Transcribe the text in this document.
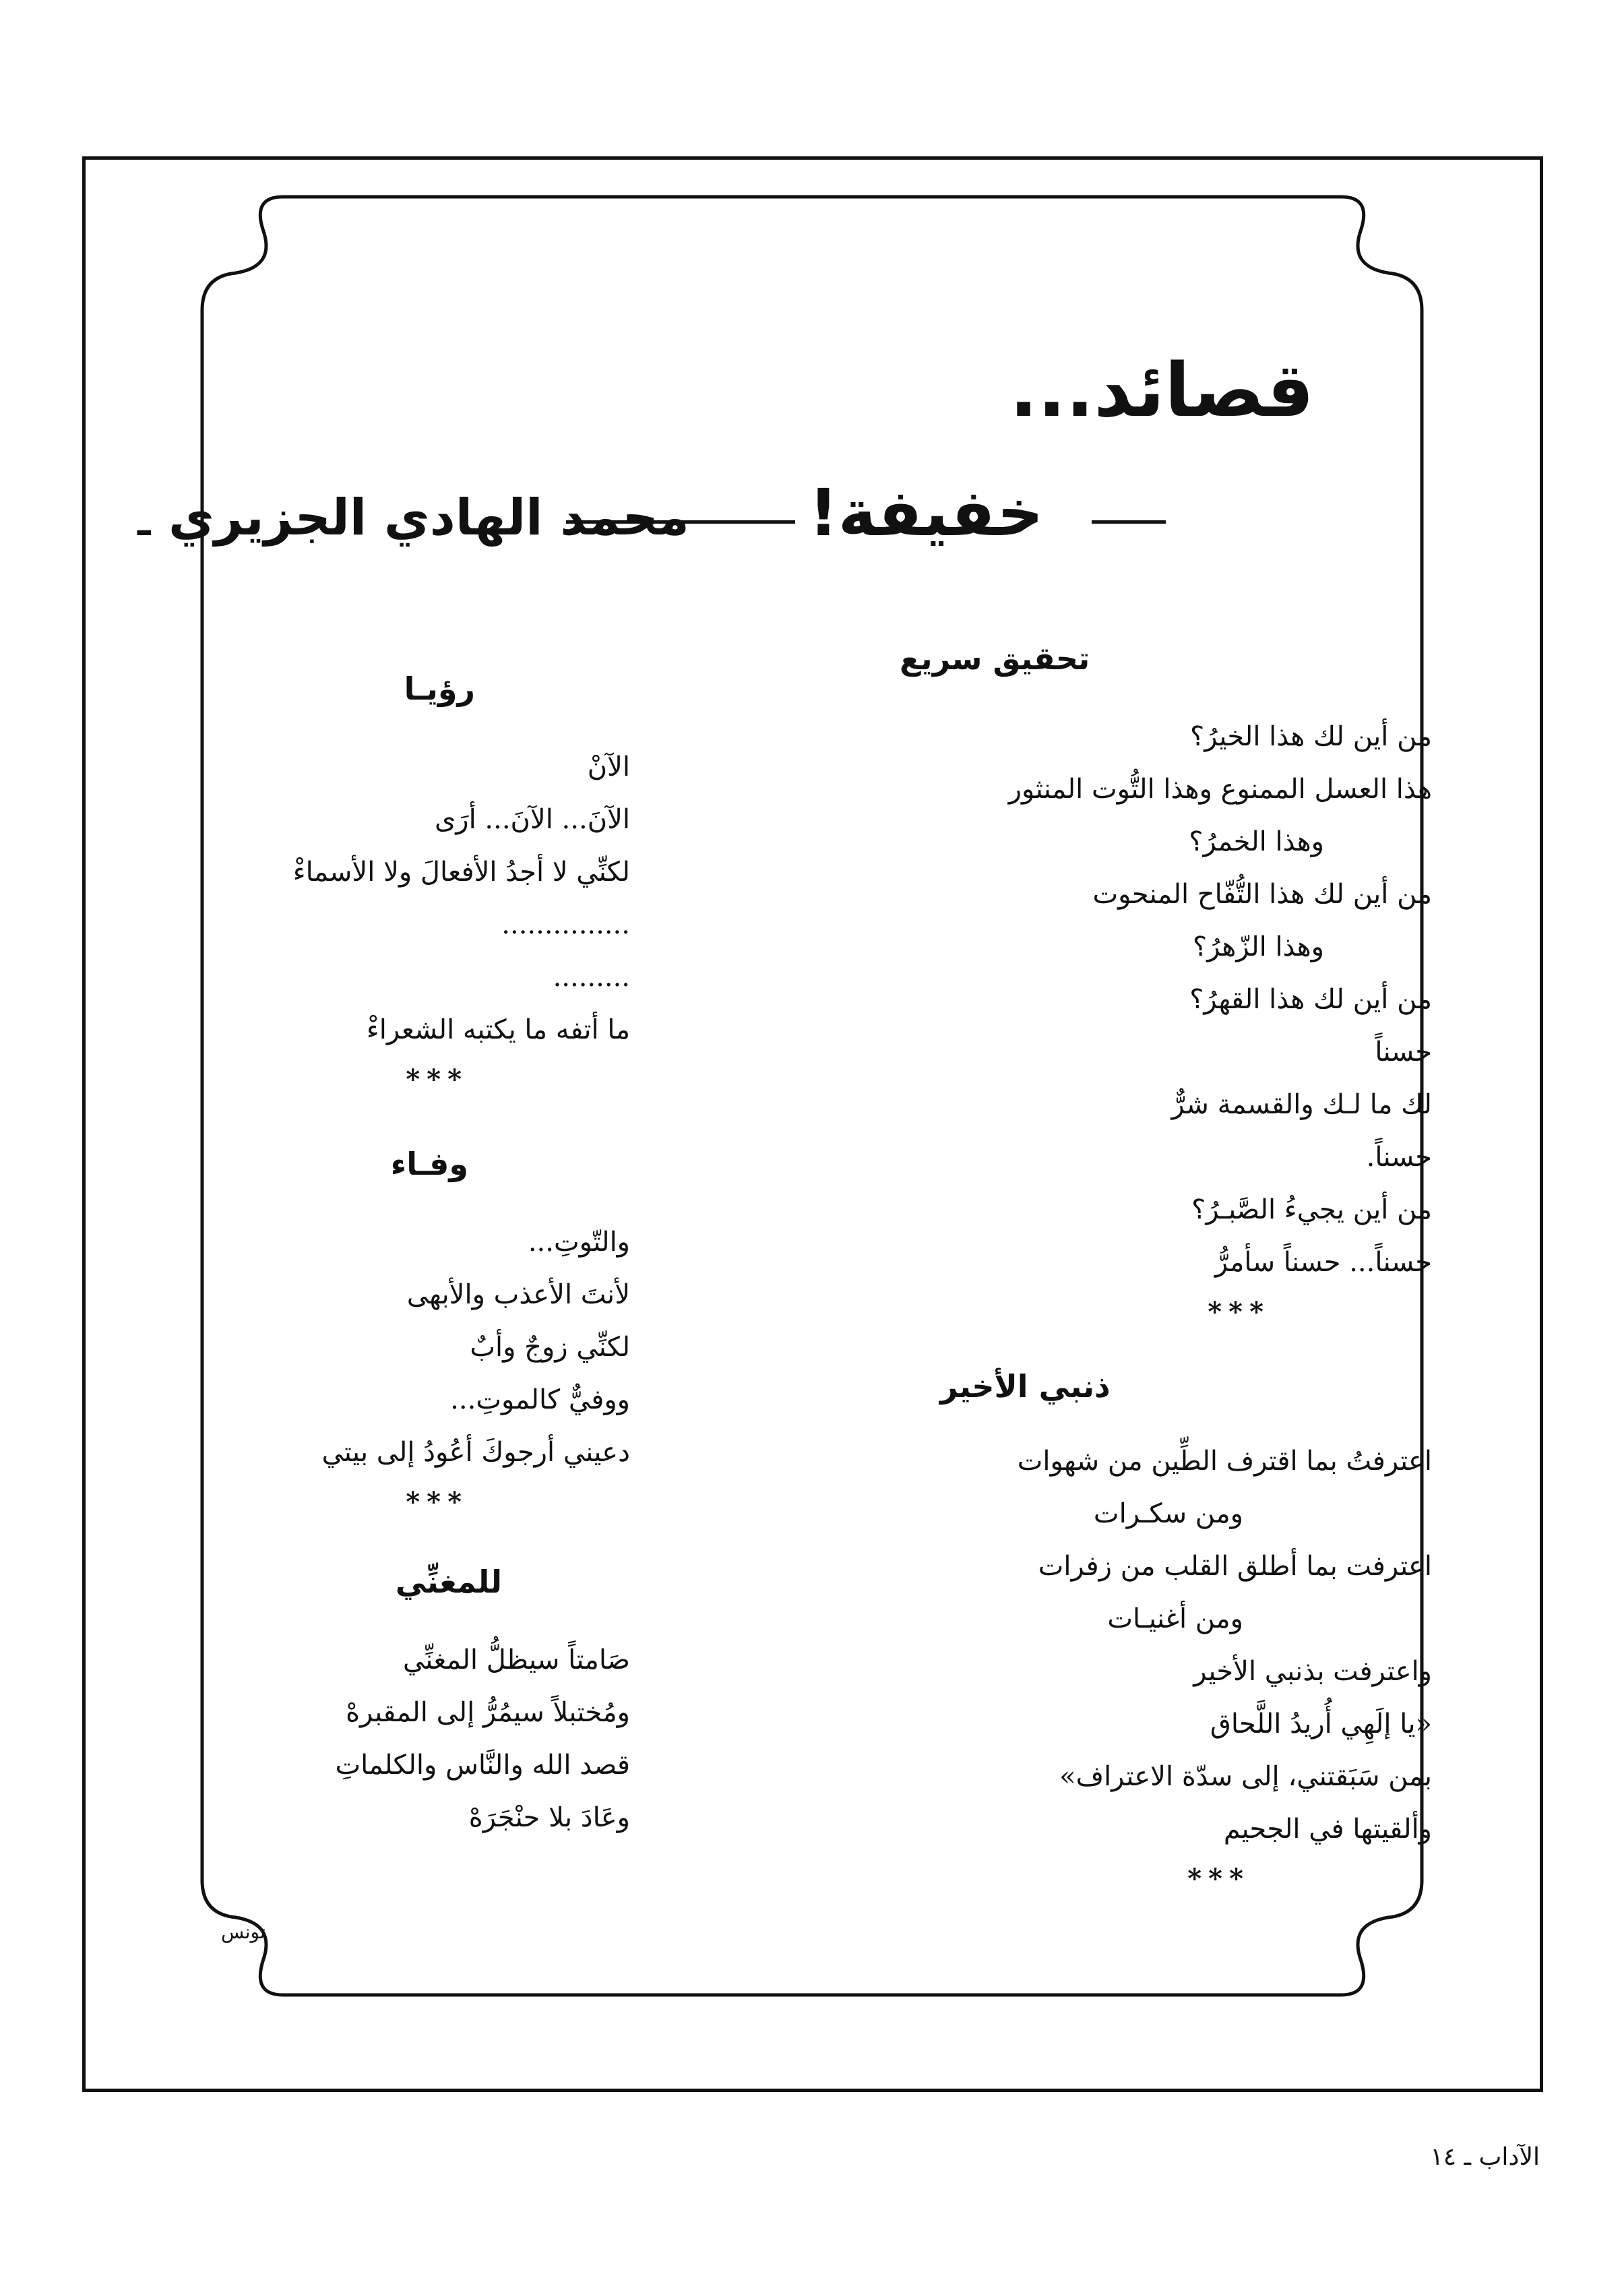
قصائد...
خفيفة!
محمد الهادي الجزيري
ـ
تحقيق سريع
من أين لك هذا الخيرُ؟
هذا العسل الممنوع وهذا التُّوت المنثور
وهذا الخمرُ؟
من أين لك هذا التُّفّاح المنحوت
وهذا الزّهرُ؟
من أين لك هذا القهرُ؟
حسناً
لك ما لـك والقسمة شرٌّ
حسناً.
من أين يجيءُ الصَّبـرُ؟
حسناً... حسناً سأمرُّ
***
ذنبي الأخير
اعترفتُ بما اقترف الطِّين من شهوات
ومن سكـرات
اعترفت بما أطلق القلب من زفرات
ومن أغنيـات
واعترفت بذنبي الأخير
«يا إلَهِي أُريدُ اللَّحاق
بمن سَبَقتني، إلى سدّة الاعتراف»
وألقيتها في الجحيم
***
رؤيـا
الآنْ
الآنَ... الآنَ... أرَى
لكنِّي لا أجدُ الأفعالَ ولا الأسماءْ
...............
.........
ما أتفه ما يكتبه الشعراءْ
***
وفـاء
والتّوتِ...
لأنتَ الأعذب والأبهى
لكنِّي زوجٌ وأبٌ
ووفيٌّ كالموتِ...
دعيني أرجوكَ أعُودُ إلى بيتي
***
للمغنِّي
صَامتاً سيظلُّ المغنِّي
ومُختبلاً سيمُرُّ إلى المقبرهْ
قصد الله والنَّاس والكلماتِ
وعَادَ بلا حنْجَرَهْ
تونس
الآداب ـ ١٤
